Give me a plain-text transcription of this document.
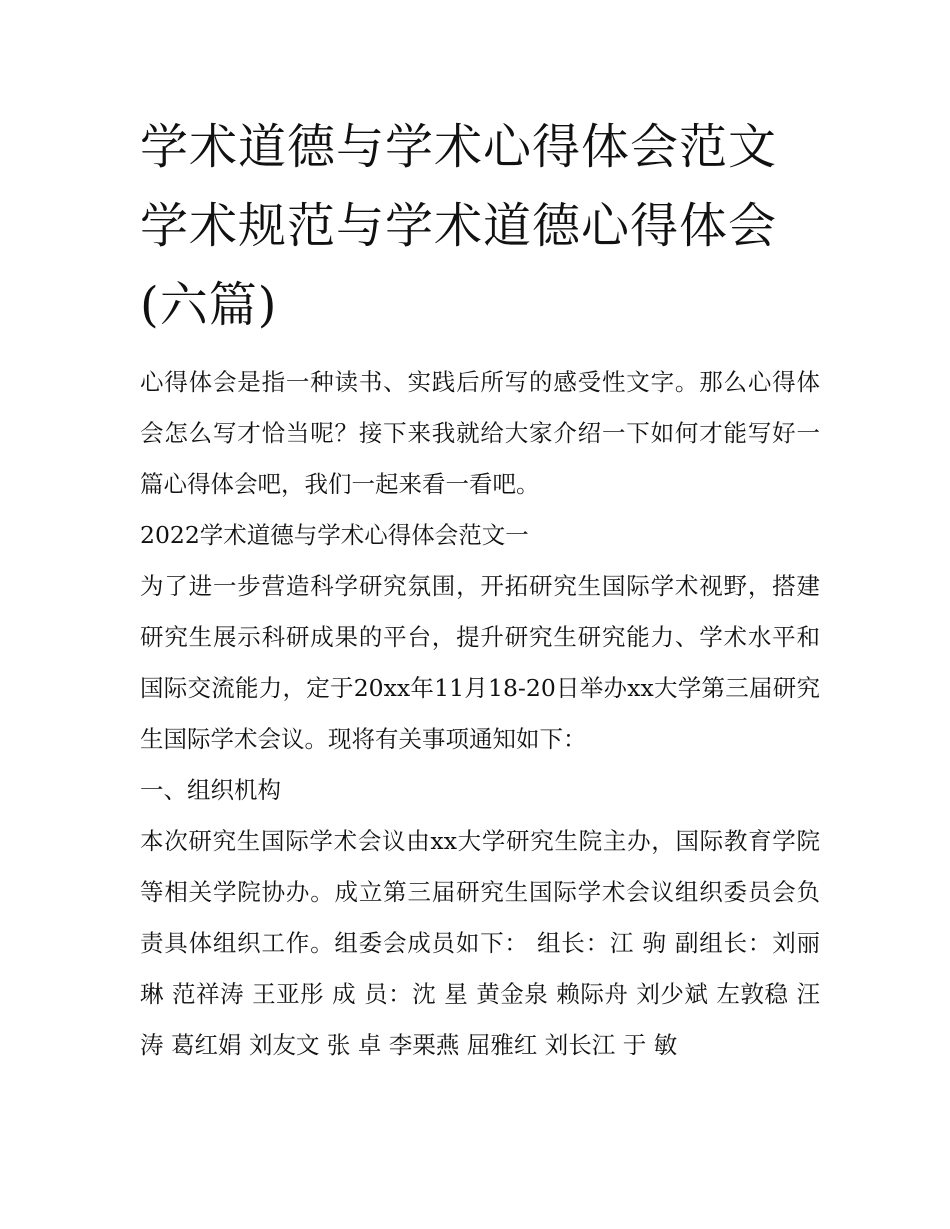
学术道德与学术心得体会范文
学术规范与学术道德心得体会
(六篇)

心得体会是指一种读书、实践后所写的感受性文字。那么心得体会怎么写才恰当呢？接下来我就给大家介绍一下如何才能写好一篇心得体会吧，我们一起来看一看吧。

2022学术道德与学术心得体会范文一

为了进一步营造科学研究氛围，开拓研究生国际学术视野，搭建研究生展示科研成果的平台，提升研究生研究能力、学术水平和国际交流能力，定于20xx年11月18-20日举办xx大学第三届研究生国际学术会议。现将有关事项通知如下：

一、组织机构

本次研究生国际学术会议由xx大学研究生院主办，国际教育学院等相关学院协办。成立第三届研究生国际学术会议组织委员会负责具体组织工作。组委会成员如下： 组长：江 驹 副组长：刘丽琳 范祥涛 王亚彤 成 员：沈 星 黄金泉 赖际舟 刘少斌 左敦稳 汪 涛 葛红娟 刘友文 张 卓 李栗燕 屈雅红 刘长江 于 敏
